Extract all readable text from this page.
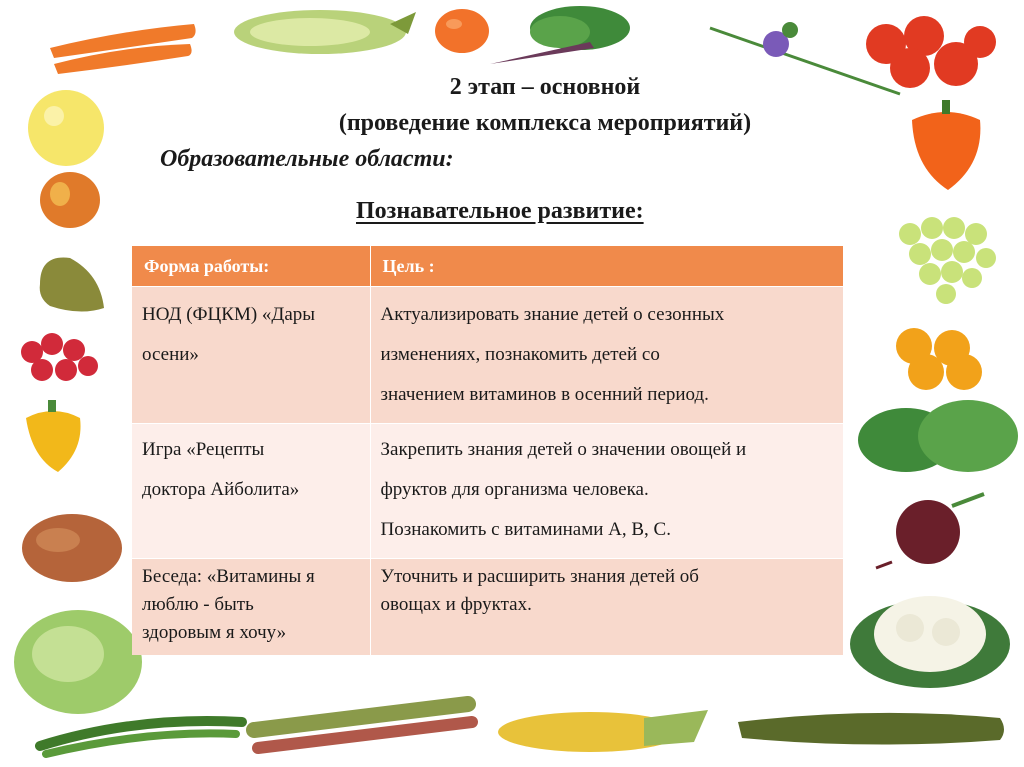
2 этап – основной
(проведение комплекса мероприятий)
Образовательные области:
Познавательное развитие:
Форма работы:	Цель :

НОД (ФЦКМ) «Дары
осени»	Актуализировать знание детей о сезонных
изменениях, познакомить детей со
значением витаминов в осенний период.

Игра «Рецепты
доктора Айболита»	Закрепить знания детей о значении овощей и
фруктов для организма человека.
Познакомить с витаминами А, В, С.

Беседа: «Витамины я
люблю - быть
здоровым я хочу»	Уточнить и расширить знания детей об
овощах и фруктах.
